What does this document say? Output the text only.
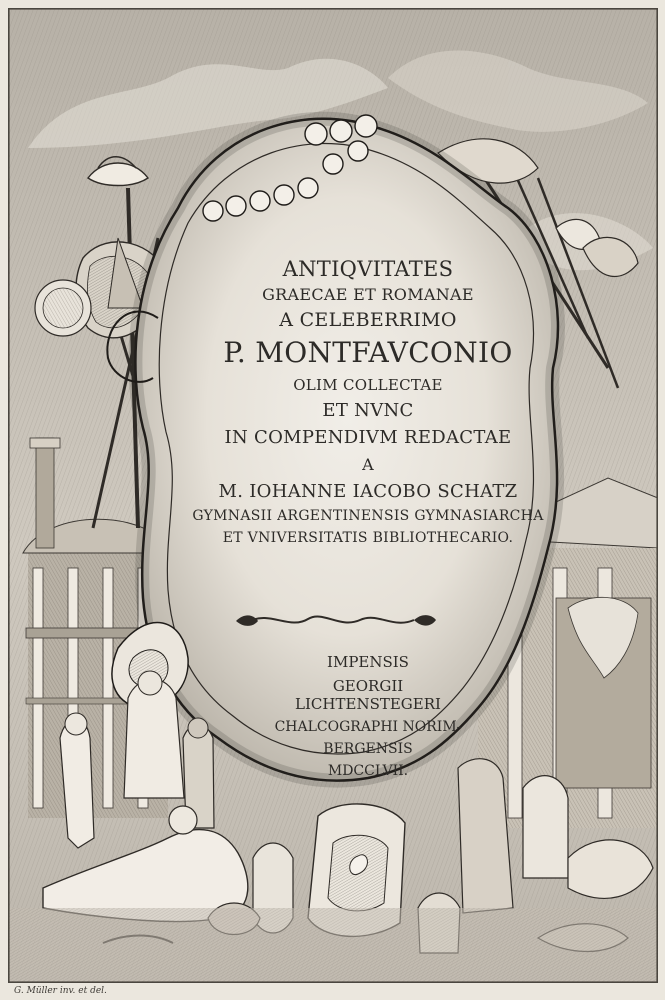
ANTIQVITATES
GRAECAE ET ROMANAE
A CELEBERRIMO
P. MONTFAVCONIO
OLIM COLLECTAE
ET NVNC
IN COMPENDIVM REDACTAE
A
M. IOHANNE IACOBO SCHATZ
GYMNASII ARGENTINENSIS GYMNASIARCHA
ET VNIVERSITATIS BIBLIOTHECARIO.
IMPENSIS
GEORGII LICHTENSTEGERI
CHALCOGRAPHI NORIM-
BERGENSIS
MDCCLVII.
G. Müller inv. et del.
